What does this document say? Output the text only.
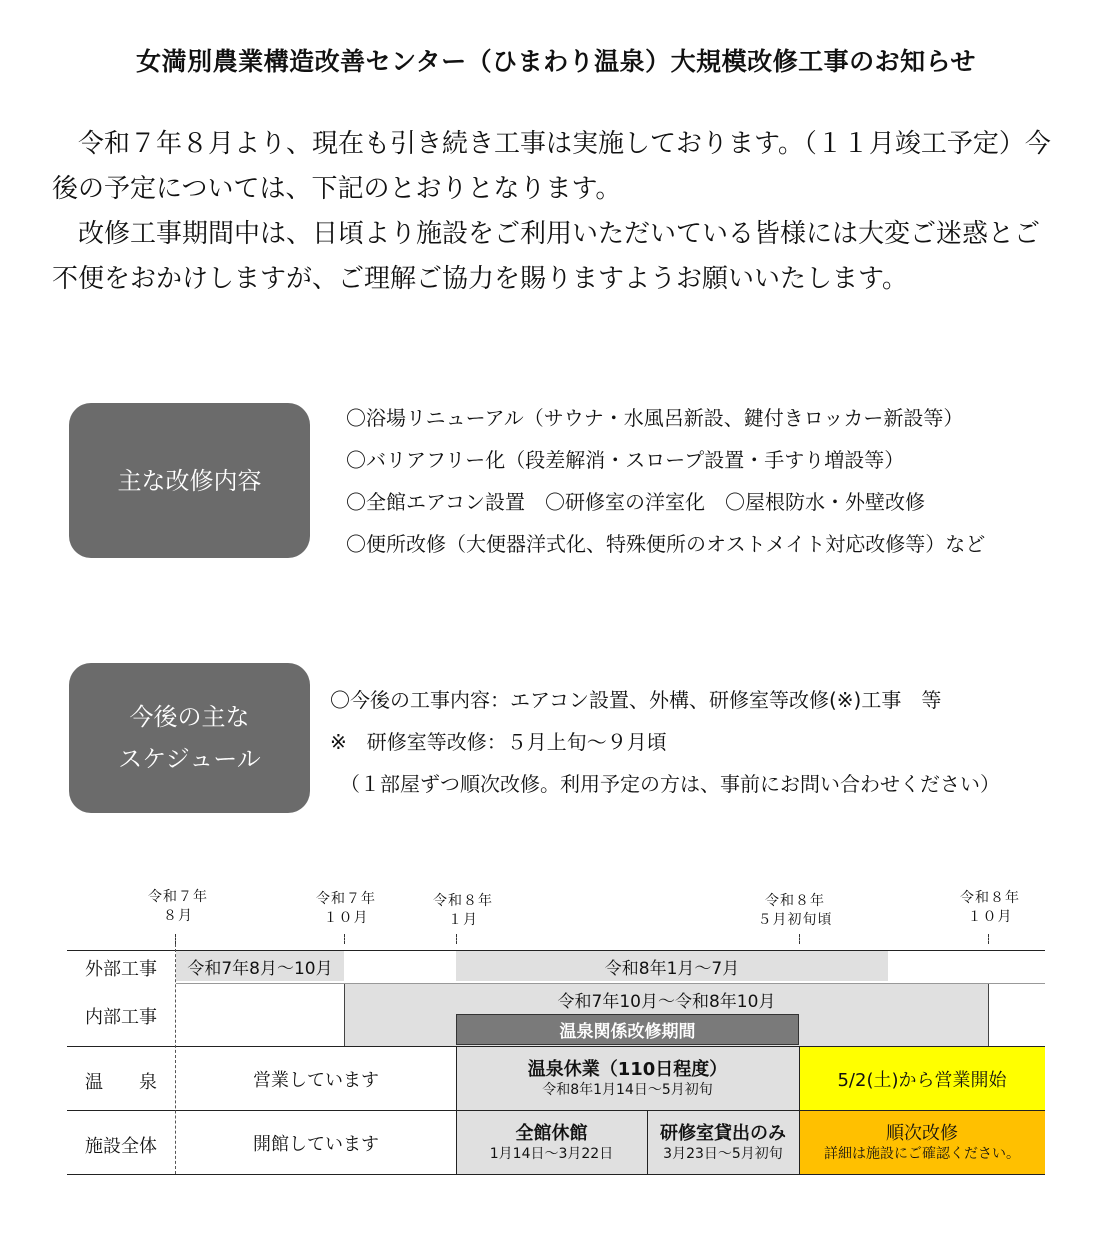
女満別農業構造改善センター（ひまわり温泉）大規模改修工事のお知らせ

　令和７年８月より、現在も引き続き工事は実施しております。（１１月竣工予定）今後の予定については、下記のとおりとなります。

　改修工事期間中は、日頃より施設をご利用いただいている皆様には大変ご迷惑とご不便をおかけしますが、ご理解ご協力を賜りますようお願いいたします。

主な改修内容
〇浴場リニューアル（サウナ・水風呂新設、鍵付きロッカー新設等）
〇バリアフリー化（段差解消・スロープ設置・手すり増設等）
〇全館エアコン設置　〇研修室の洋室化　〇屋根防水・外壁改修
〇便所改修（大便器洋式化、特殊便所のオストメイト対応改修等）など
今後の主な
スケジュール
〇今後の工事内容：エアコン設置、外構、研修室等改修(※)工事　等
※　研修室等改修：５月上旬～９月頃
　（１部屋ずつ順次改修。利用予定の方は、事前にお問い合わせください）
令和７年
８月
令和７年
１０月
令和８年
１月
令和８年
５月初旬頃
令和８年
１０月
令和7年8月～10月	令和8年1月～7月
令和7年10月～令和8年10月
温泉関係改修期間
営業しています
温泉休業（110日程度）
令和8年1月14日～5月初旬	5/2(土)から営業開始
開館しています
全館休館
1月14日～3月22日
研修室貸出のみ
3月23日～5月初旬
順次改修
詳細は施設にご確認ください。
外部工事
内部工事
温　　泉
施設全体
